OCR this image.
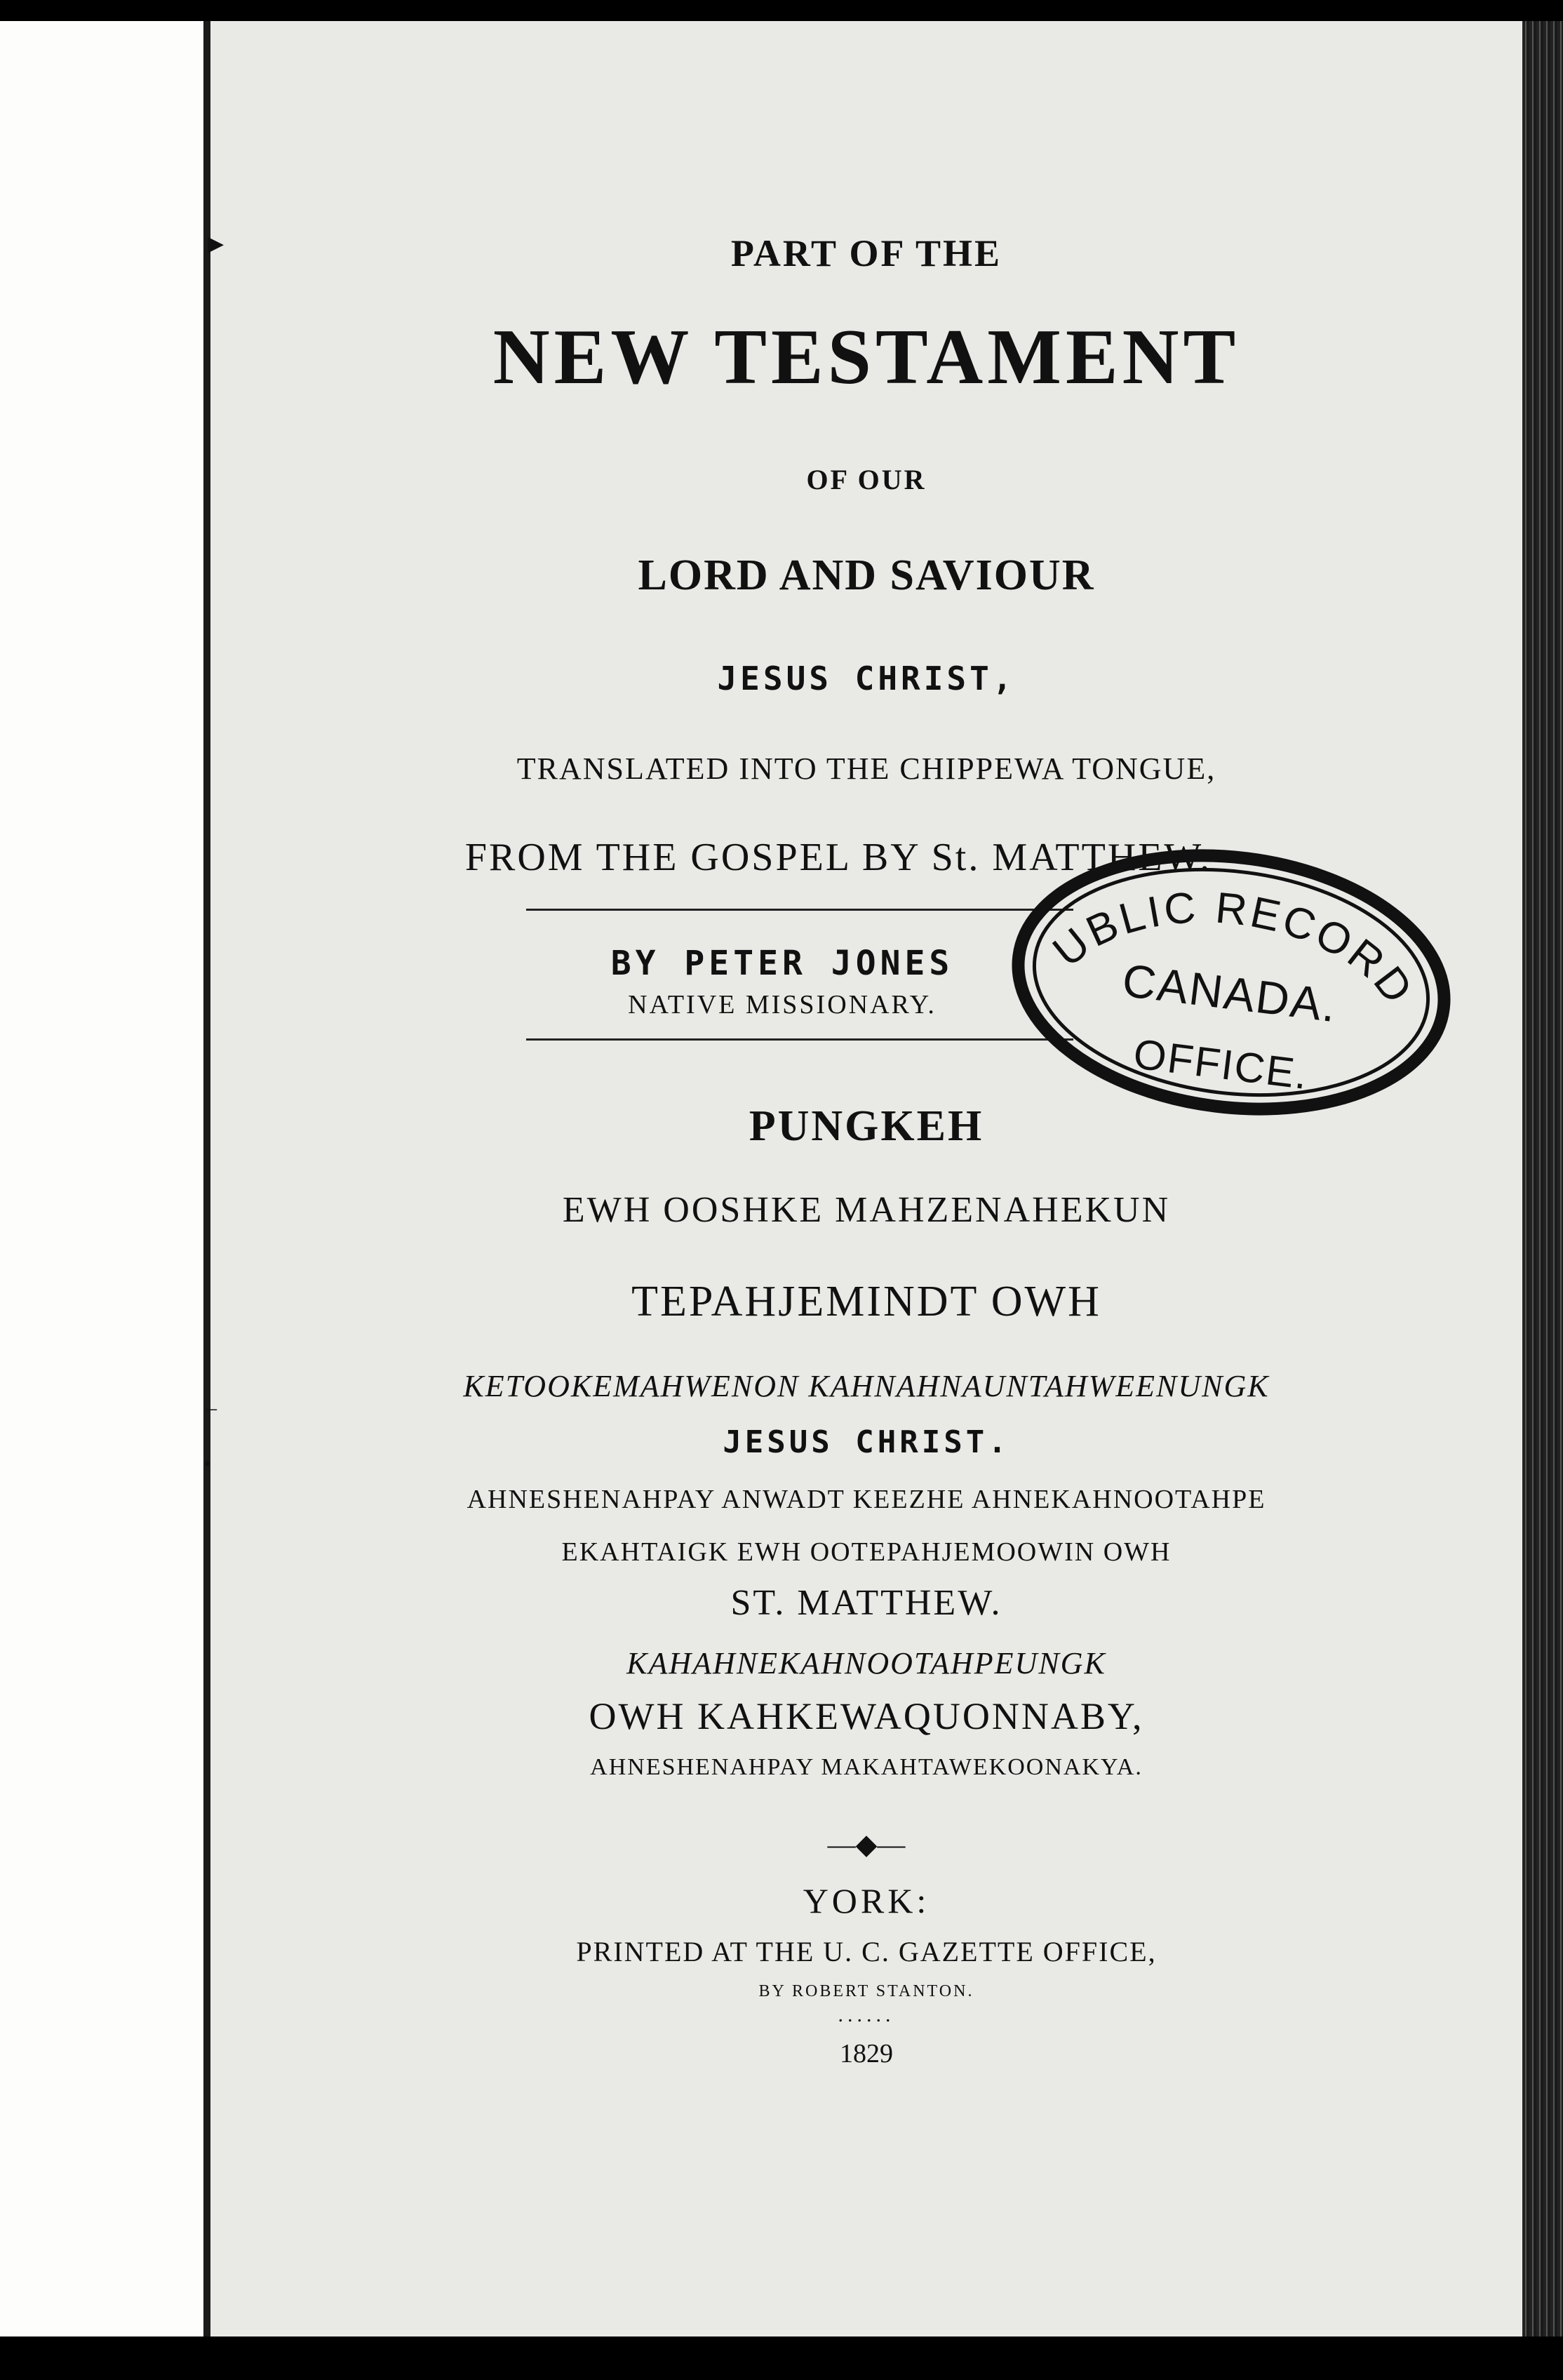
PART OF THE
NEW TESTAMENT
OF OUR
LORD AND SAVIOUR
JESUS CHRIST,
TRANSLATED INTO THE CHIPPEWA TONGUE,
FROM THE GOSPEL BY St. MATTHEW.
BY PETER JONES
NATIVE MISSIONARY.
PUNGKEH
EWH OOSHKE MAHZENAHEKUN
TEPAHJEMINDT OWH
KETOOKEMAHWENON KAHNAHNAUNTAHWEENUNGK
JESUS CHRIST.
AHNESHENAHPAY ANWADT KEEZHE AHNEKAHNOOTAHPE
EKAHTAIGK EWH OOTEPAHJEMOOWIN OWH
ST. MATTHEW.
KAHAHNEKAHNOOTAHPEUNGK
OWH KAHKEWAQUONNABY,
AHNESHENAHPAY MAKAHTAWEKOONAKYA.
—◆—
YORK:
PRINTED AT THE U. C. GAZETTE OFFICE,
BY ROBERT STANTON.
......
1829
▶
–
•
PUBLIC RECORDS
CANADA.
OFFICE.
